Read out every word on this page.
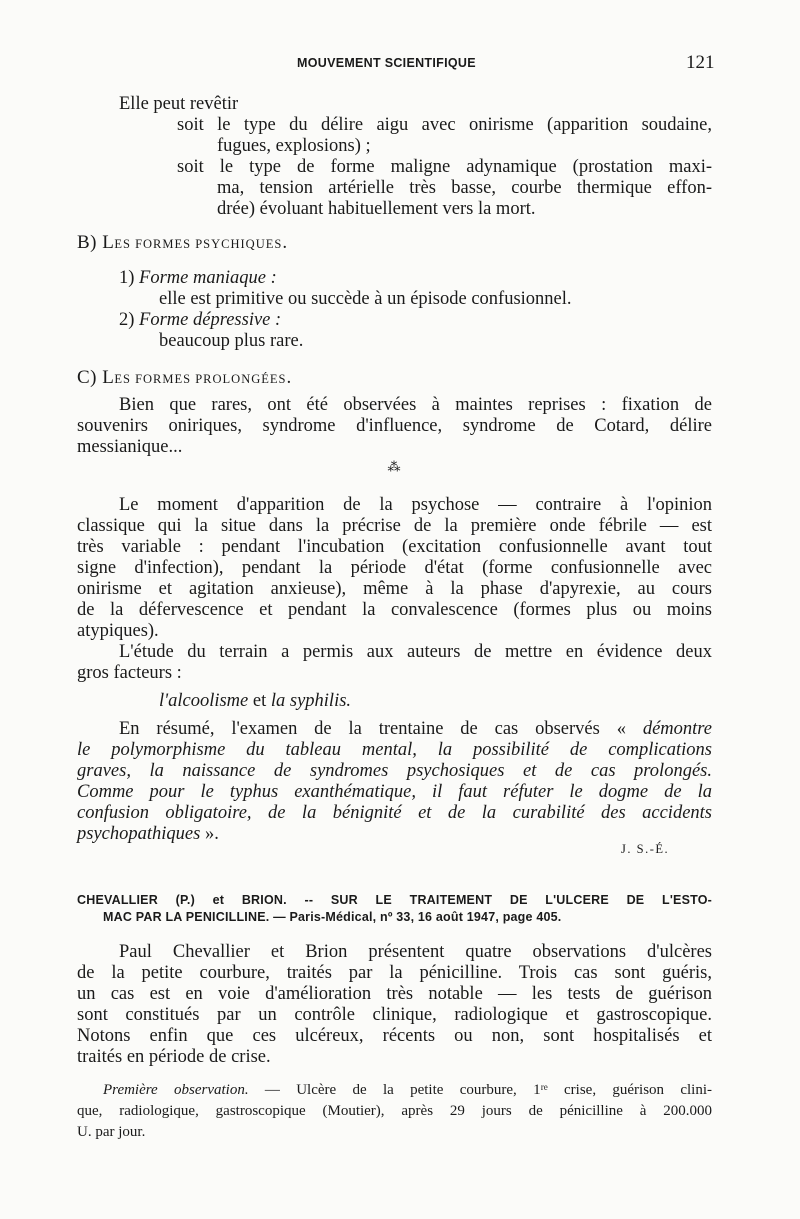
MOUVEMENT SCIENTIFIQUE	121
Elle peut revêtir
soit le type du délire aigu avec onirisme (apparition soudaine,
fugues, explosions) ;
soit le type de forme maligne adynamique (prostation maxi-
ma, tension artérielle très basse, courbe thermique effon-
drée) évoluant habituellement vers la mort.
B) LES FORMES PSYCHIQUES.
1) Forme maniaque :
elle est primitive ou succède à un épisode confusionnel.
2) Forme dépressive :
beaucoup plus rare.
C) LES FORMES PROLONGÉES.
Bien que rares, ont été observées à maintes reprises : fixation de
souvenirs oniriques, syndrome d'influence, syndrome de Cotard, délire
messianique...
⁂
Le moment d'apparition de la psychose — contraire à l'opinion
classique qui la situe dans la précrise de la première onde fébrile — est
très variable : pendant l'incubation (excitation confusionnelle avant tout
signe d'infection), pendant la période d'état (forme confusionnelle avec
onirisme et agitation anxieuse), même à la phase d'apyrexie, au cours
de la défervescence et pendant la convalescence (formes plus ou moins
atypiques).
L'étude du terrain a permis aux auteurs de mettre en évidence deux
gros facteurs :
l'alcoolisme et la syphilis.
En résumé, l'examen de la trentaine de cas observés « démontre
le polymorphisme du tableau mental, la possibilité de complications
graves, la naissance de syndromes psychosiques et de cas prolongés.
Comme pour le typhus exanthématique, il faut réfuter le dogme de la
confusion obligatoire, de la bénignité et de la curabilité des accidents
psychopathiques ».
J. S.-É.
CHEVALLIER (P.) et BRION. -- SUR LE TRAITEMENT DE L'ULCERE DE L'ESTO-
MAC PAR LA PENICILLINE. — Paris-Médical, nº 33, 16 août 1947, page 405.
Paul Chevallier et Brion présentent quatre observations d'ulcères
de la petite courbure, traités par la pénicilline. Trois cas sont guéris,
un cas est en voie d'amélioration très notable — les tests de guérison
sont constitués par un contrôle clinique, radiologique et gastroscopique.
Notons enfin que ces ulcéreux, récents ou non, sont hospitalisés et
traités en période de crise.
Première observation. — Ulcère de la petite courbure, 1ʳᵉ crise, guérison clini-
que, radiologique, gastroscopique (Moutier), après 29 jours de pénicilline à 200.000
U. par jour.
